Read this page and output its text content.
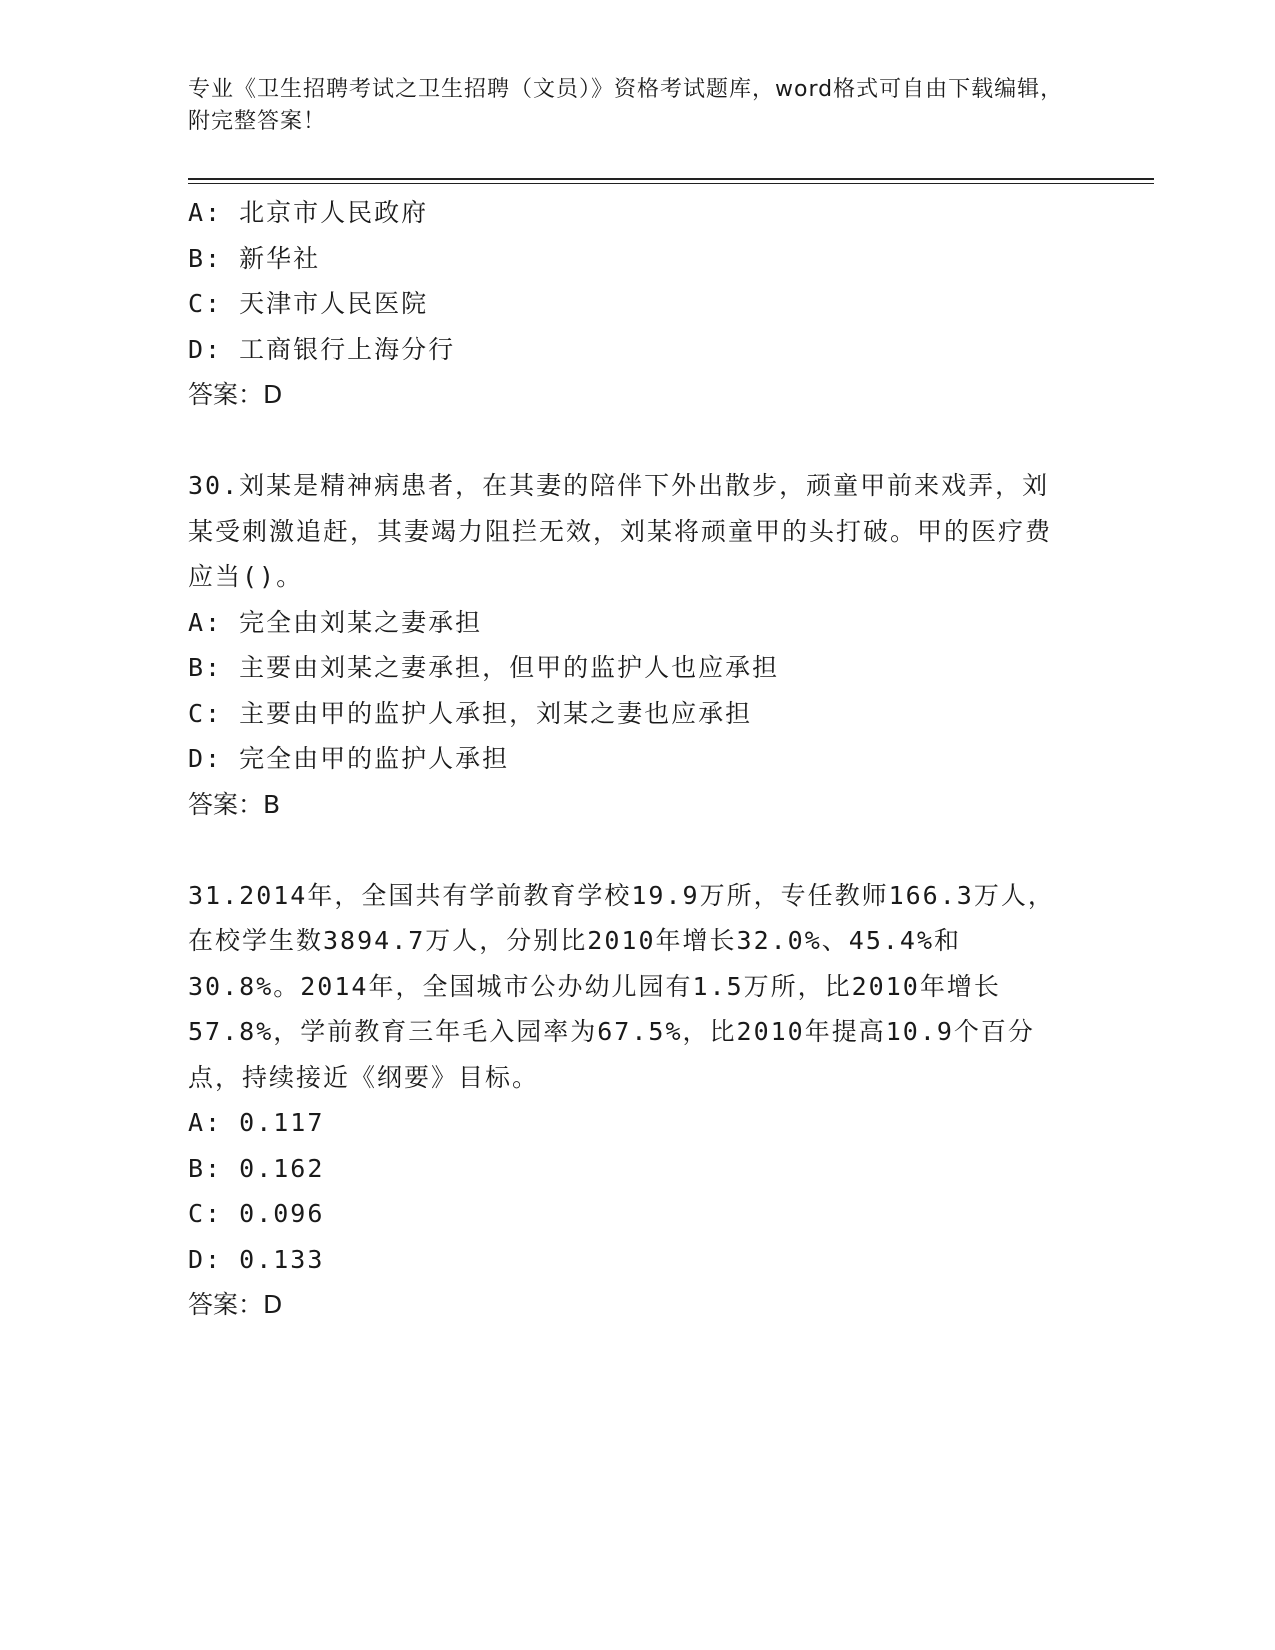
专业《卫生招聘考试之卫生招聘（文员）》资格考试题库，word格式可自由下载编辑，附完整答案！

A: 北京市人民政府

B: 新华社

C: 天津市人民医院

D: 工商银行上海分行

答案：D

30.刘某是精神病患者，在其妻的陪伴下外出散步，顽童甲前来戏弄，刘某受刺激追赶，其妻竭力阻拦无效，刘某将顽童甲的头打破。甲的医疗费应当()。

A: 完全由刘某之妻承担

B: 主要由刘某之妻承担，但甲的监护人也应承担

C: 主要由甲的监护人承担，刘某之妻也应承担

D: 完全由甲的监护人承担

答案：B

31.2014年，全国共有学前教育学校19.9万所，专任教师166.3万人，在校学生数3894.7万人，分别比2010年增长32.0%、45.4%和30.8%。2014年，全国城市公办幼儿园有1.5万所，比2010年增长57.8%，学前教育三年毛入园率为67.5%，比2010年提高10.9个百分点，持续接近《纲要》目标。

A: 0.117

B: 0.162

C: 0.096

D: 0.133

答案：D
